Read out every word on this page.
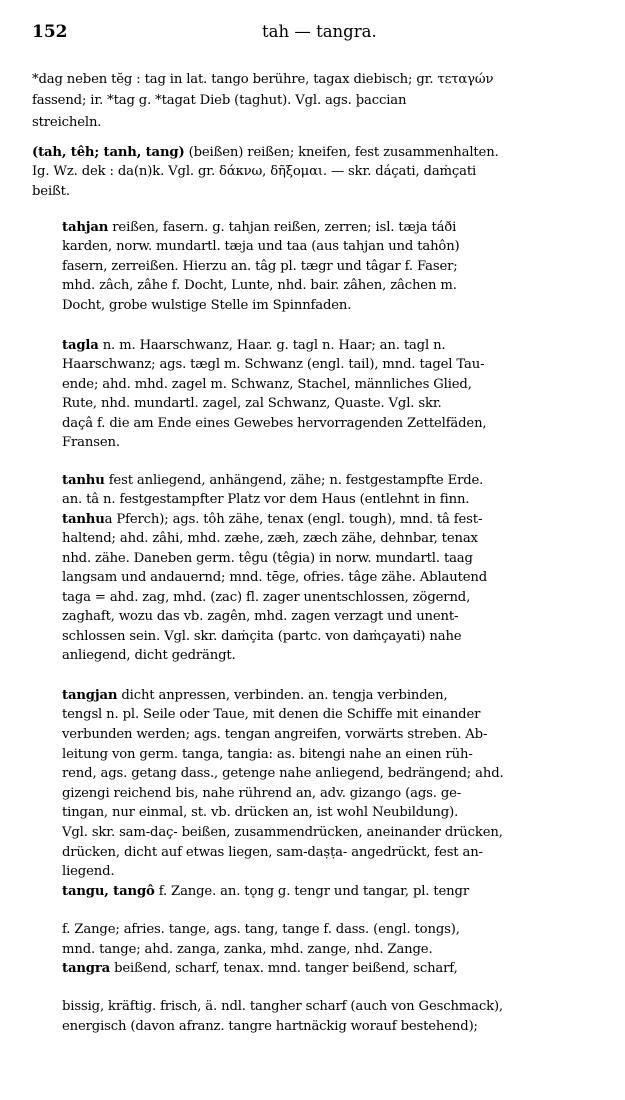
152	tah — tangra.
*dag neben tĕg : tag in lat. tango berühre, tagax diebisch; gr. τεταγών
fassend; ir. *tag g. *tagat Dieb (taghut). Vgl. ags. þaccian
streicheln.
(tah, têh; tanh, tang) (beißen) reißen; kneifen, fest zusammenhalten.
Ig. Wz. dek : da(n)k. Vgl. gr. δάκνω, δῆξομαι. — skr. dáçati, daṁçati
beißt.
tahjan reißen, fasern. g. tahjan reißen, zerren; isl. tæja táði
karden, norw. mundartl. tæja und taa (aus tahjan und tahôn)
fasern, zerreißen. Hierzu an. tâg pl. tægr und tâgar f. Faser;
mhd. zâch, zâhe f. Docht, Lunte, nhd. bair. zâhen, zâchen m.
Docht, grobe wulstige Stelle im Spinnfaden.
tagla n. m. Haarschwanz, Haar. g. tagl n. Haar; an. tagl n.
Haarschwanz; ags. tægl m. Schwanz (engl. tail), mnd. tagel Tau-
ende; ahd. mhd. zagel m. Schwanz, Stachel, männliches Glied,
Rute, nhd. mundartl. zagel, zal Schwanz, Quaste. Vgl. skr.
daçâ f. die am Ende eines Gewebes hervorragenden Zettelfäden,
Fransen.
tanhu fest anliegend, anhängend, zähe; n. festgestampfte Erde.
an. tâ n. festgestampfter Platz vor dem Haus (entlehnt in finn.
tanhua Pferch); ags. tôh zähe, tenax (engl. tough), mnd. tâ fest-
haltend; ahd. zâhi, mhd. zæhe, zæh, zæch zähe, dehnbar, tenax
nhd. zähe. Daneben germ. têgu (têgia) in norw. mundartl. taag
langsam und andauernd; mnd. tēge, ofries. tâge zähe. Ablautend
taga = ahd. zag, mhd. (zac) fl. zager unentschlossen, zögernd,
zaghaft, wozu das vb. zagên, mhd. zagen verzagt und unent-
schlossen sein. Vgl. skr. daṁçita (partc. von daṁçayati) nahe
anliegend, dicht gedrängt.
tangjan dicht anpressen, verbinden. an. tengja verbinden,
tengsl n. pl. Seile oder Taue, mit denen die Schiffe mit einander
verbunden werden; ags. tengan angreifen, vorwärts streben. Ab-
leitung von germ. tanga, tangia: as. bitengi nahe an einen rüh-
rend, ags. getang dass., getenge nahe anliegend, bedrängend; ahd.
gizengi reichend bis, nahe rührend an, adv. gizango (ags. ge-
tingan, nur einmal, st. vb. drücken an, ist wohl Neubildung).
Vgl. skr. sam-daç- beißen, zusammendrücken, aneinander drücken,
drücken, dicht auf etwas liegen, sam-daṣṭa- angedrückt, fest an-
liegend.
tangu, tangô f. Zange. an. tǫng g. tengr und tangar, pl. tengr
f. Zange; afries. tange, ags. tang, tange f. dass. (engl. tongs),
mnd. tange; ahd. zanga, zanka, mhd. zange, nhd. Zange.
tangra beißend, scharf, tenax. mnd. tanger beißend, scharf,
bissig, kräftig. frisch, ä. ndl. tangher scharf (auch von Geschmack),
energisch (davon afranz. tangre hartnäckig worauf bestehend);
